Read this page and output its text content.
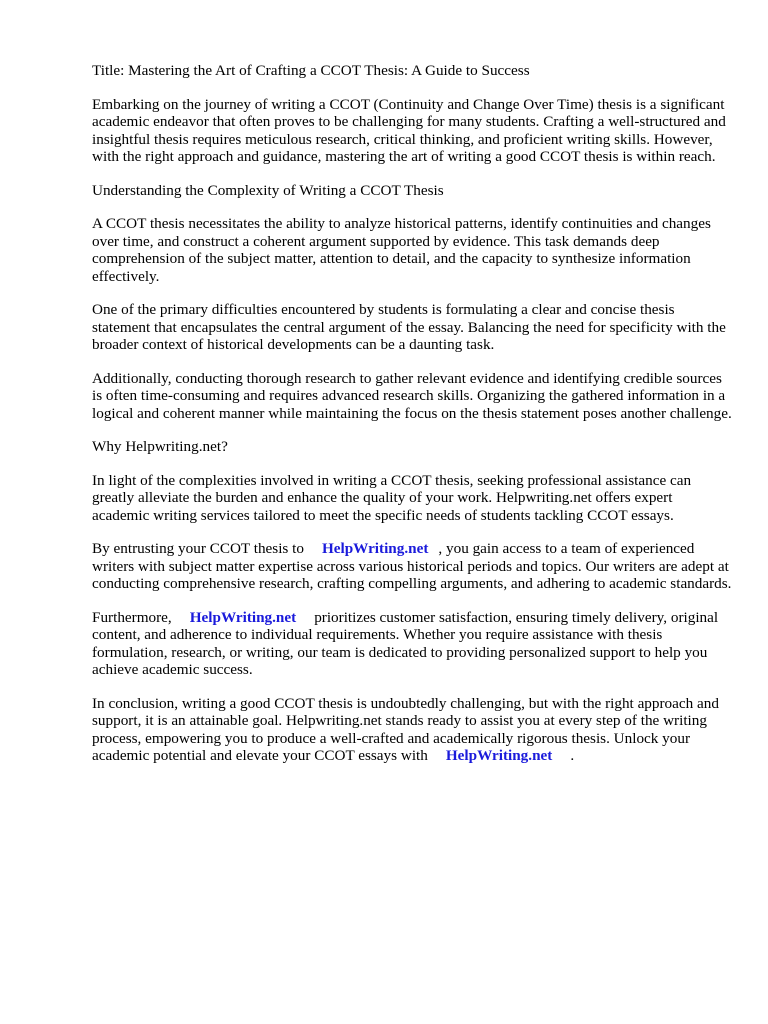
Title: Mastering the Art of Crafting a CCOT Thesis: A Guide to Success

Embarking on the journey of writing a CCOT (Continuity and Change Over Time) thesis is a significant academic endeavor that often proves to be challenging for many students. Crafting a well-structured and insightful thesis requires meticulous research, critical thinking, and proficient writing skills. However, with the right approach and guidance, mastering the art of writing a good CCOT thesis is within reach.

Understanding the Complexity of Writing a CCOT Thesis

A CCOT thesis necessitates the ability to analyze historical patterns, identify continuities and changes over time, and construct a coherent argument supported by evidence. This task demands deep comprehension of the subject matter, attention to detail, and the capacity to synthesize information effectively.

One of the primary difficulties encountered by students is formulating a clear and concise thesis statement that encapsulates the central argument of the essay. Balancing the need for specificity with the broader context of historical developments can be a daunting task.

Additionally, conducting thorough research to gather relevant evidence and identifying credible sources is often time-consuming and requires advanced research skills. Organizing the gathered information in a logical and coherent manner while maintaining the focus on the thesis statement poses another challenge.

Why Helpwriting.net?

In light of the complexities involved in writing a CCOT thesis, seeking professional assistance can greatly alleviate the burden and enhance the quality of your work. Helpwriting.net offers expert academic writing services tailored to meet the specific needs of students tackling CCOT essays.

By entrusting your CCOT thesis to HelpWriting.net , you gain access to a team of experienced writers with subject matter expertise across various historical periods and topics. Our writers are adept at conducting comprehensive research, crafting compelling arguments, and adhering to academic standards.

Furthermore, HelpWriting.net prioritizes customer satisfaction, ensuring timely delivery, original content, and adherence to individual requirements. Whether you require assistance with thesis formulation, research, or writing, our team is dedicated to providing personalized support to help you achieve academic success.

In conclusion, writing a good CCOT thesis is undoubtedly challenging, but with the right approach and support, it is an attainable goal. Helpwriting.net stands ready to assist you at every step of the writing process, empowering you to produce a well-crafted and academically rigorous thesis. Unlock your academic potential and elevate your CCOT essays with HelpWriting.net .
